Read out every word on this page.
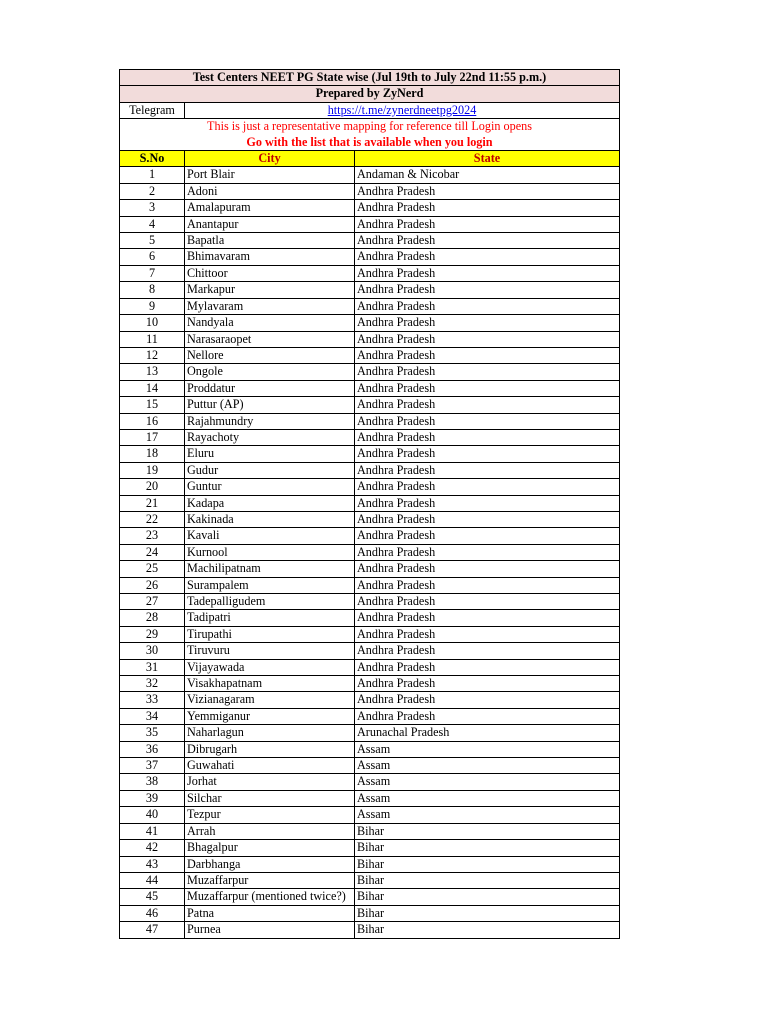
Test Centers NEET PG State wise (Jul 19th to July 22nd 11:55 p.m.)		
Prepared by ZyNerd		
Telegram	https://t.me/zynerdneetpg2024	
This is just a representative mapping for reference till Login opens		
Go with the list that is available when you login		
S.No	City	State
1	Port Blair	Andaman & Nicobar
2	Adoni	Andhra Pradesh
3	Amalapuram	Andhra Pradesh
4	Anantapur	Andhra Pradesh
5	Bapatla	Andhra Pradesh
6	Bhimavaram	Andhra Pradesh
7	Chittoor	Andhra Pradesh
8	Markapur	Andhra Pradesh
9	Mylavaram	Andhra Pradesh
10	Nandyala	Andhra Pradesh
11	Narasaraopet	Andhra Pradesh
12	Nellore	Andhra Pradesh
13	Ongole	Andhra Pradesh
14	Proddatur	Andhra Pradesh
15	Puttur (AP)	Andhra Pradesh
16	Rajahmundry	Andhra Pradesh
17	Rayachoty	Andhra Pradesh
18	Eluru	Andhra Pradesh
19	Gudur	Andhra Pradesh
20	Guntur	Andhra Pradesh
21	Kadapa	Andhra Pradesh
22	Kakinada	Andhra Pradesh
23	Kavali	Andhra Pradesh
24	Kurnool	Andhra Pradesh
25	Machilipatnam	Andhra Pradesh
26	Surampalem	Andhra Pradesh
27	Tadepalligudem	Andhra Pradesh
28	Tadipatri	Andhra Pradesh
29	Tirupathi	Andhra Pradesh
30	Tiruvuru	Andhra Pradesh
31	Vijayawada	Andhra Pradesh
32	Visakhapatnam	Andhra Pradesh
33	Vizianagaram	Andhra Pradesh
34	Yemmiganur	Andhra Pradesh
35	Naharlagun	Arunachal Pradesh
36	Dibrugarh	Assam
37	Guwahati	Assam
38	Jorhat	Assam
39	Silchar	Assam
40	Tezpur	Assam
41	Arrah	Bihar
42	Bhagalpur	Bihar
43	Darbhanga	Bihar
44	Muzaffarpur	Bihar
45	Muzaffarpur (mentioned twice?)	Bihar
46	Patna	Bihar
47	Purnea	Bihar
